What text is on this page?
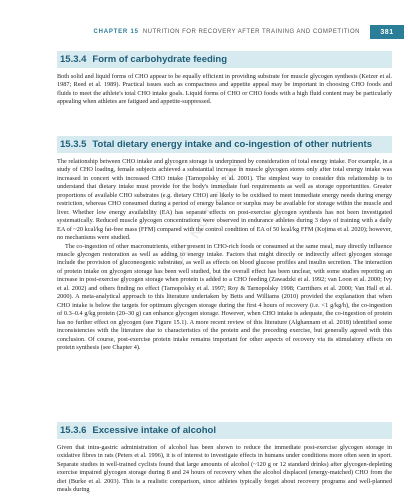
CHAPTER 15 NUTRITION FOR RECOVERY AFTER TRAINING AND COMPETITION	381
DO NOT COPY
15.3.4 Form of carbohydrate feeding

Both solid and liquid forms of CHO appear to be equally efficient in providing substrate for muscle glycogen synthesis (Keizer et al. 1987; Reed et al. 1989). Practical issues such as compactness and appetite appeal may be important in choosing CHO foods and fluids to meet the athlete's total CHO intake goals. Liquid forms of CHO or CHO foods with a high fluid content may be particularly appealing when athletes are fatigued and appetite-suppressed.

15.3.5 Total dietary energy intake and co-ingestion of other nutrients

The relationship between CHO intake and glycogen storage is underpinned by consideration of total energy intake. For example, in a study of CHO loading, female subjects achieved a substantial increase in muscle glycogen stores only after total energy intake was increased in concert with increased CHO intake (Tarnopolsky et al. 2001). The simplest way to consider this relationship is to understand that dietary intake must provide for the body's immediate fuel requirements as well as storage opportunities. Greater proportions of available CHO substrates (e.g. dietary CHO) are likely to be oxidised to meet immediate energy needs during energy restriction, whereas CHO consumed during a period of energy balance or surplus may be available for storage within the muscle and liver. Whether low energy availability (EA) has separate effects on post-exercise glycogen synthesis has not been investigated systematically. Reduced muscle glycogen concentrations were observed in endurance athletes during 3 days of training with a daily EA of ~20 kcal/kg fat-free mass (FFM) compared with the control condition of EA of 50 kcal/kg FFM (Kojima et al. 2020); however, no mechanisms were studied.

The co-ingestion of other macronutrients, either present in CHO-rich foods or consumed at the same meal, may directly influence muscle glycogen restoration as well as adding to energy intake. Factors that might directly or indirectly affect glycogen storage include the provision of gluconeogenic substrates, as well as effects on blood glucose profiles and insulin secretion. The interaction of protein intake on glycogen storage has been well studied, but the overall effect has been unclear, with some studies reporting an increase in post-exercise glycogen storage when protein is added to a CHO feeding (Zawadzki et al. 1992; van Loon et al. 2000; Ivy et al. 2002) and others finding no effect (Tarnopolsky et al. 1997; Roy & Tarnopolsky 1998; Carrithers et al. 2000; Van Hall et al. 2000). A meta-analytical approach to this literature undertaken by Betts and Williams (2010) provided the explanation that when CHO intake is below the targets for optimum glycogen storage during the first 4 hours of recovery (i.e. <1 g/kg/h), the co-ingestion of 0.3–0.4 g/kg protein (20–30 g) can enhance glycogen storage. However, when CHO intake is adequate, the co-ingestion of protein has no further effect on glycogen (see Figure 15.1). A more recent review of this literature (Alghannam et al. 2018) identified some inconsistencies with the literature due to characteristics of the protein and the preceding exercise, but generally agreed with this conclusion. Of course, post-exercise protein intake remains important for other aspects of recovery via its stimulatory effects on protein synthesis (see Chapter 4).

15.3.6 Excessive intake of alcohol

Given that intra-gastric administration of alcohol has been shown to reduce the immediate post-exercise glycogen storage in oxidative fibres in rats (Peters et al. 1996), it is of interest to investigate effects in humans under conditions more often seen in sport. Separate studies in well-trained cyclists found that large amounts of alcohol (~120 g or 12 standard drinks) after glycogen-depleting exercise impaired glycogen storage during 8 and 24 hours of recovery when the alcohol displaced (energy-matched) CHO from the diet (Burke et al. 2003). This is a realistic comparison, since athletes typically forget about recovery programs and well-planned meals during
